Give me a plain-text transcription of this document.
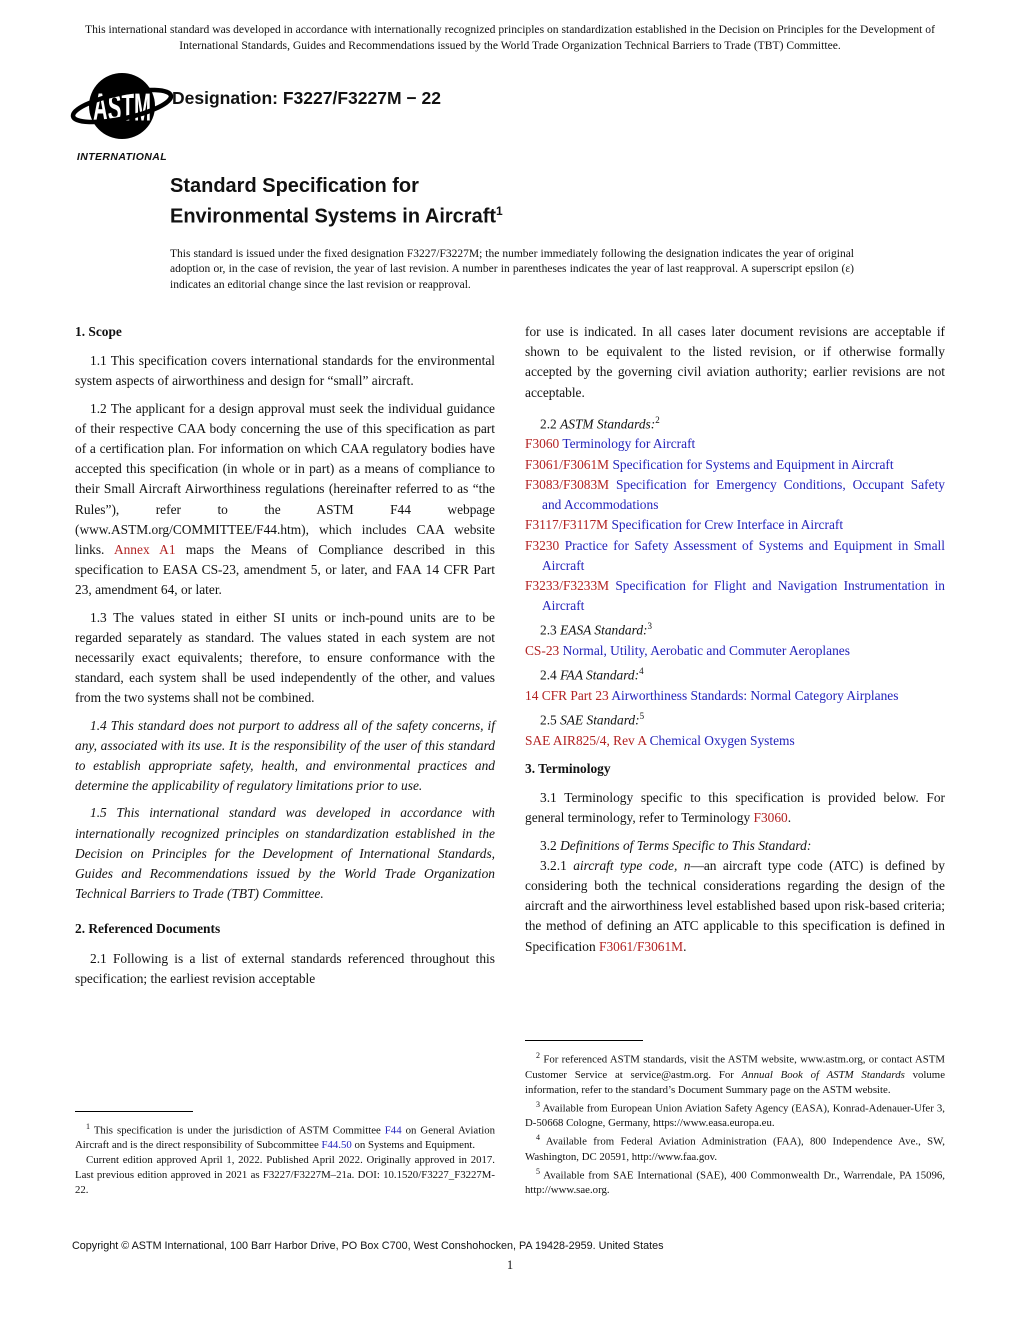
This international standard was developed in accordance with internationally recognized principles on standardization established in the Decision on Principles for the Development of International Standards, Guides and Recommendations issued by the World Trade Organization Technical Barriers to Trade (TBT) Committee.
ASTM
INTERNATIONAL
Designation: F3227/F3227M − 22
Standard Specification for
Environmental Systems in Aircraft$^1$
This standard is issued under the fixed designation F3227/F3227M; the number immediately following the designation indicates the year of original adoption or, in the case of revision, the year of last revision. A number in parentheses indicates the year of last reapproval. A superscript epsilon (ε) indicates an editorial change since the last revision or reapproval.
1. Scope

1.1 This specification covers international standards for the environmental system aspects of airworthiness and design for “small” aircraft.

1.2 The applicant for a design approval must seek the individual guidance of their respective CAA body concerning the use of this specification as part of a certification plan. For information on which CAA regulatory bodies have accepted this specification (in whole or in part) as a means of compliance to their Small Aircraft Airworthiness regulations (hereinafter referred to as “the Rules”), refer to the ASTM F44 webpage (www.ASTM.org/COMMITTEE/F44.htm), which includes CAA website links. Annex A1 maps the Means of Compliance described in this specification to EASA CS-23, amendment 5, or later, and FAA 14 CFR Part 23, amendment 64, or later.

1.3 The values stated in either SI units or inch-pound units are to be regarded separately as standard. The values stated in each system are not necessarily exact equivalents; therefore, to ensure conformance with the standard, each system shall be used independently of the other, and values from the two systems shall not be combined.

1.4 This standard does not purport to address all of the safety concerns, if any, associated with its use. It is the responsibility of the user of this standard to establish appropriate safety, health, and environmental practices and determine the applicability of regulatory limitations prior to use.

1.5 This international standard was developed in accordance with internationally recognized principles on standardization established in the Decision on Principles for the Development of International Standards, Guides and Recommendations issued by the World Trade Organization Technical Barriers to Trade (TBT) Committee.

2. Referenced Documents

2.1 Following is a list of external standards referenced throughout this specification; the earliest revision acceptable

$^1$ This specification is under the jurisdiction of ASTM Committee F44 on General Aviation Aircraft and is the direct responsibility of Subcommittee F44.50 on Systems and Equipment.

Current edition approved April 1, 2022. Published April 2022. Originally approved in 2017. Last previous edition approved in 2021 as F3227/F3227M–21a. DOI: 10.1520/F3227_F3227M-22.

for use is indicated. In all cases later document revisions are acceptable if shown to be equivalent to the listed revision, or if otherwise formally accepted by the governing civil aviation authority; earlier revisions are not acceptable.

2.2 ASTM Standards:$^2$

F3060 Terminology for Aircraft

F3061/F3061M Specification for Systems and Equipment in Aircraft

F3083/F3083M Specification for Emergency Conditions, Occupant Safety and Accommodations

F3117/F3117M Specification for Crew Interface in Aircraft

F3230 Practice for Safety Assessment of Systems and Equipment in Small Aircraft

F3233/F3233M Specification for Flight and Navigation Instrumentation in Aircraft

2.3 EASA Standard:$^3$

CS-23 Normal, Utility, Aerobatic and Commuter Aeroplanes

2.4 FAA Standard:$^4$

14 CFR Part 23 Airworthiness Standards: Normal Category Airplanes

2.5 SAE Standard:$^5$

SAE AIR825/4, Rev A Chemical Oxygen Systems

3. Terminology

3.1 Terminology specific to this specification is provided below. For general terminology, refer to Terminology F3060.

3.2 Definitions of Terms Specific to This Standard:

3.2.1 aircraft type code, n—an aircraft type code (ATC) is defined by considering both the technical considerations regarding the design of the aircraft and the airworthiness level established based upon risk-based criteria; the method of defining an ATC applicable to this specification is defined in Specification F3061/F3061M.

$^2$ For referenced ASTM standards, visit the ASTM website, www.astm.org, or contact ASTM Customer Service at service@astm.org. For Annual Book of ASTM Standards volume information, refer to the standard’s Document Summary page on the ASTM website.

$^3$ Available from European Union Aviation Safety Agency (EASA), Konrad-Adenauer-Ufer 3, D-50668 Cologne, Germany, https://www.easa.europa.eu.

$^4$ Available from Federal Aviation Administration (FAA), 800 Independence Ave., SW, Washington, DC 20591, http://www.faa.gov.

$^5$ Available from SAE International (SAE), 400 Commonwealth Dr., Warrendale, PA 15096, http://www.sae.org.

Copyright © ASTM International, 100 Barr Harbor Drive, PO Box C700, West Conshohocken, PA 19428-2959. United States
1
